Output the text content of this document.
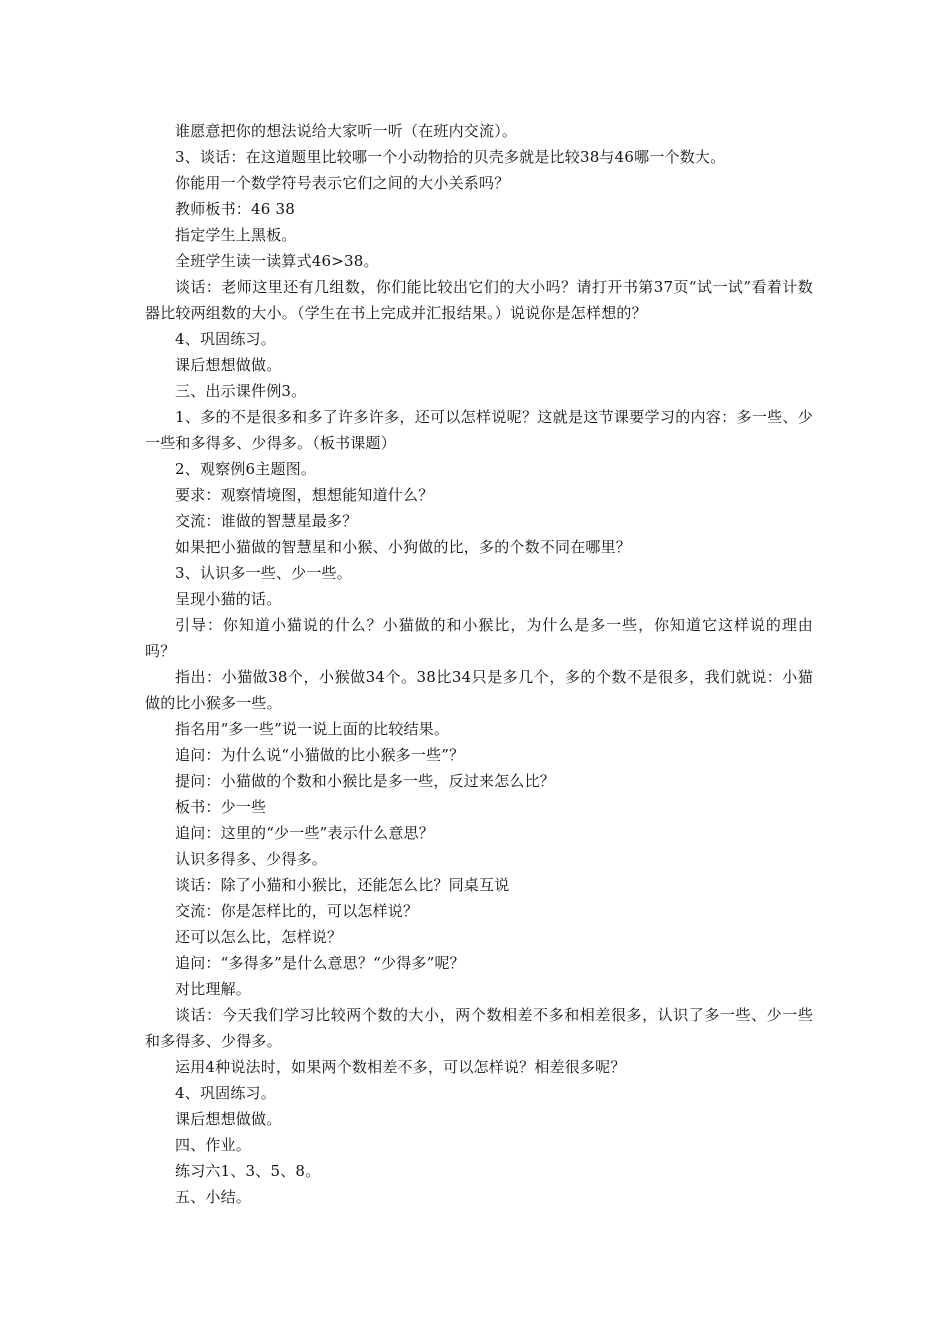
谁愿意把你的想法说给大家听一听（在班内交流）。

3、谈话：在这道题里比较哪一个小动物拾的贝壳多就是比较38与46哪一个数大。

你能用一个数学符号表示它们之间的大小关系吗？

教师板书：46 38

指定学生上黑板。

全班学生读一读算式46>38。

谈话：老师这里还有几组数，你们能比较出它们的大小吗？请打开书第37页“试一试”看着计数器比较两组数的大小。（学生在书上完成并汇报结果。）说说你是怎样想的？

4、巩固练习。

课后想想做做。

三、出示课件例3。

1、多的不是很多和多了许多许多，还可以怎样说呢？这就是这节课要学习的内容：多一些、少一些和多得多、少得多。（板书课题）

2、观察例6主题图。

要求：观察情境图，想想能知道什么？

交流：谁做的智慧星最多？

如果把小猫做的智慧星和小猴、小狗做的比，多的个数不同在哪里？

3、认识多一些、少一些。

呈现小猫的话。

引导：你知道小猫说的什么？小猫做的和小猴比，为什么是多一些，你知道它这样说的理由吗？

指出：小猫做38个，小猴做34个。38比34只是多几个，多的个数不是很多，我们就说：小猫做的比小猴多一些。

指名用“多一些”说一说上面的比较结果。

追问：为什么说“小猫做的比小猴多一些”？

提问：小猫做的个数和小猴比是多一些，反过来怎么比？

板书：少一些

追问：这里的“少一些”表示什么意思？

认识多得多、少得多。

谈话：除了小猫和小猴比，还能怎么比？同桌互说

交流：你是怎样比的，可以怎样说？

还可以怎么比，怎样说？

追问：“多得多”是什么意思？“少得多”呢？

对比理解。

谈话：今天我们学习比较两个数的大小，两个数相差不多和相差很多，认识了多一些、少一些和多得多、少得多。

运用4种说法时，如果两个数相差不多，可以怎样说？相差很多呢？

4、巩固练习。

课后想想做做。

四、作业。

练习六1、3、5、8。

五、小结。
